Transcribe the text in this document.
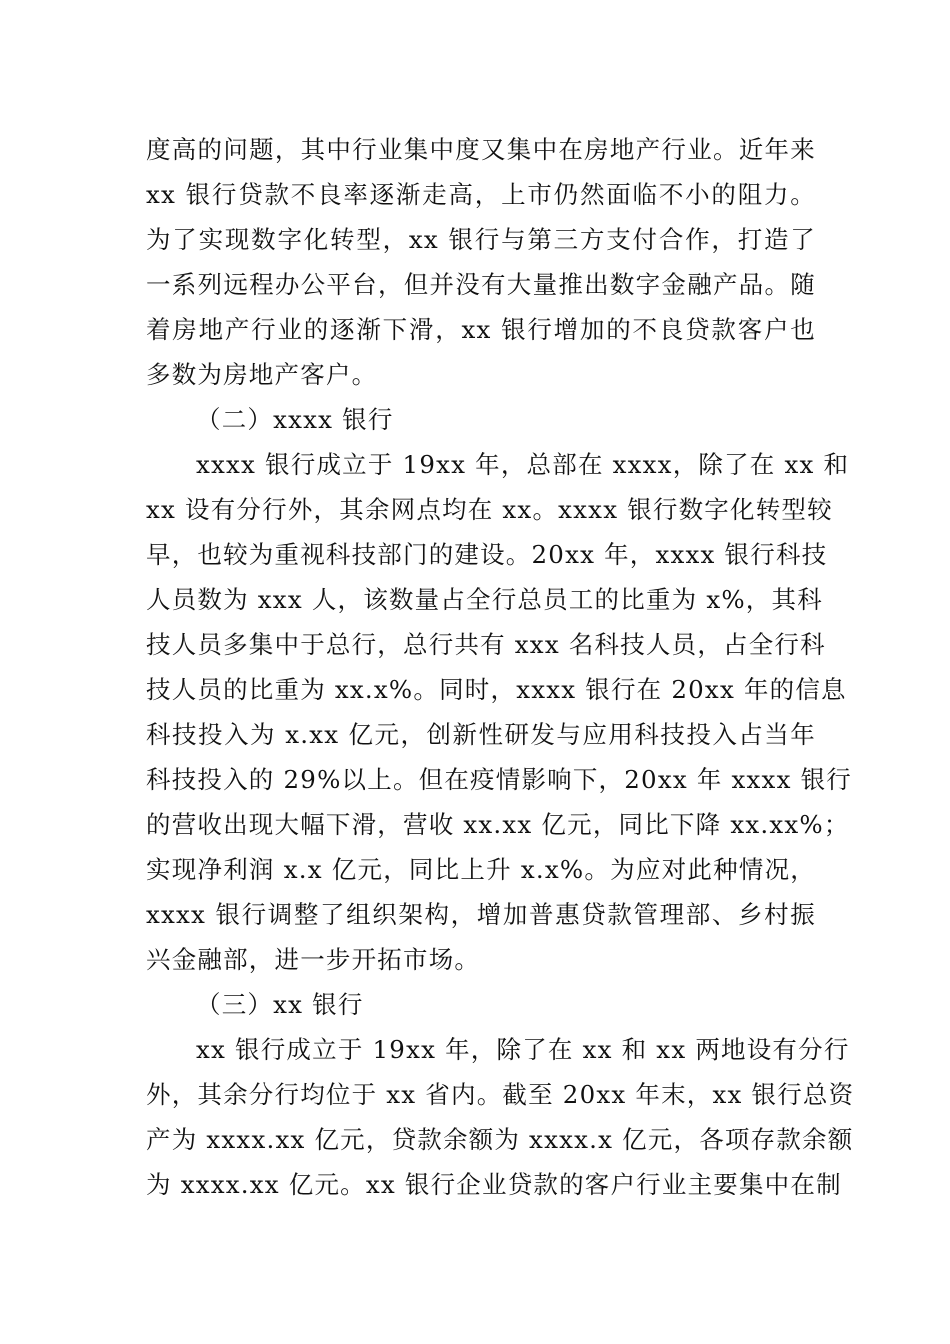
度高的问题，其中行业集中度又集中在房地产行业。近年来
xx 银行贷款不良率逐渐走高，上市仍然面临不小的阻力。
为了实现数字化转型，xx 银行与第三方支付合作，打造了
一系列远程办公平台，但并没有大量推出数字金融产品。随
着房地产行业的逐渐下滑，xx 银行增加的不良贷款客户也
多数为房地产客户。
（二）xxxx 银行
xxxx 银行成立于 19xx 年，总部在 xxxx，除了在 xx 和
xx 设有分行外，其余网点均在 xx。xxxx 银行数字化转型较
早，也较为重视科技部门的建设。20xx 年，xxxx 银行科技
人员数为 xxx 人，该数量占全行总员工的比重为 x%，其科
技人员多集中于总行，总行共有 xxx 名科技人员，占全行科
技人员的比重为 xx.x%。同时，xxxx 银行在 20xx 年的信息
科技投入为 x.xx 亿元，创新性研发与应用科技投入占当年
科技投入的 29%以上。但在疫情影响下，20xx 年 xxxx 银行
的营收出现大幅下滑，营收 xx.xx 亿元，同比下降 xx.xx%；
实现净利润 x.x 亿元，同比上升 x.x%。为应对此种情况，
xxxx 银行调整了组织架构，增加普惠贷款管理部、乡村振
兴金融部，进一步开拓市场。
（三）xx 银行
xx 银行成立于 19xx 年，除了在 xx 和 xx 两地设有分行
外，其余分行均位于 xx 省内。截至 20xx 年末，xx 银行总资
产为 xxxx.xx 亿元，贷款余额为 xxxx.x 亿元，各项存款余额
为 xxxx.xx 亿元。xx 银行企业贷款的客户行业主要集中在制
